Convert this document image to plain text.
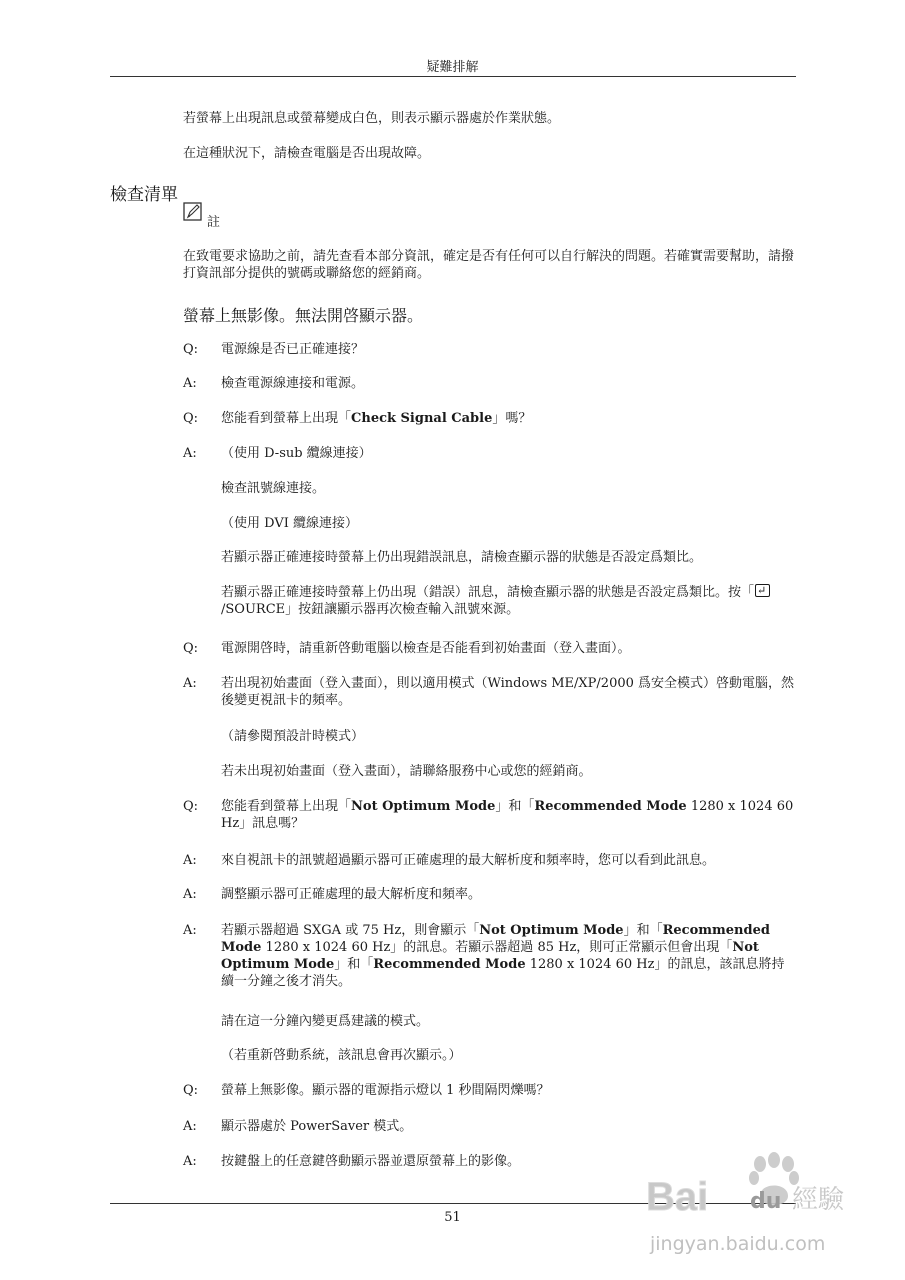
疑難排解
若螢幕上出現訊息或螢幕變成白色，則表示顯示器處於作業狀態。
在這種狀況下，請檢查電腦是否出現故障。
檢查清單
註
在致電要求協助之前，請先查看本部分資訊，確定是否有任何可以自行解決的問題。若確實需要幫助，請撥打資訊部分提供的號碼或聯絡您的經銷商。
螢幕上無影像。無法開啓顯示器。
Q:	電源線是否已正確連接？
A:	檢查電源線連接和電源。
Q:	您能看到螢幕上出現「Check Signal Cable」嗎？
A:	（使用 D-sub 纜線連接）
檢查訊號線連接。
（使用 DVI 纜線連接）
若顯示器正確連接時螢幕上仍出現錯誤訊息，請檢查顯示器的狀態是否設定爲類比。
若顯示器正確連接時螢幕上仍出現（錯誤）訊息，請檢查顯示器的狀態是否設定爲類比。按「↵/SOURCE」按鈕讓顯示器再次檢查輸入訊號來源。
Q:	電源開啓時，請重新啓動電腦以檢查是否能看到初始畫面（登入畫面）。
A:	若出現初始畫面（登入畫面），則以適用模式（Windows ME/XP/2000 爲安全模式）啓動電腦，然後變更視訊卡的頻率。
（請參閱預設計時模式）
若未出現初始畫面（登入畫面），請聯絡服務中心或您的經銷商。
Q:	您能看到螢幕上出現「Not Optimum Mode」和「Recommended Mode 1280 x 1024 60 Hz」訊息嗎？
A:	來自視訊卡的訊號超過顯示器可正確處理的最大解析度和頻率時，您可以看到此訊息。
A:	調整顯示器可正確處理的最大解析度和頻率。
A:	若顯示器超過 SXGA 或 75 Hz，則會顯示「Not Optimum Mode」和「Recommended Mode 1280 x 1024 60 Hz」的訊息。若顯示器超過 85 Hz，則可正常顯示但會出現「Not Optimum Mode」和「Recommended Mode 1280 x 1024 60 Hz」的訊息，該訊息將持續一分鐘之後才消失。
請在這一分鐘內變更爲建議的模式。
（若重新啓動系統，該訊息會再次顯示。）
Q:	螢幕上無影像。顯示器的電源指示燈以 1 秒間隔閃爍嗎？
A:	顯示器處於 PowerSaver 模式。
A:	按鍵盤上的任意鍵啓動顯示器並還原螢幕上的影像。
51	Bai du 經驗
jingyan.baidu.com
